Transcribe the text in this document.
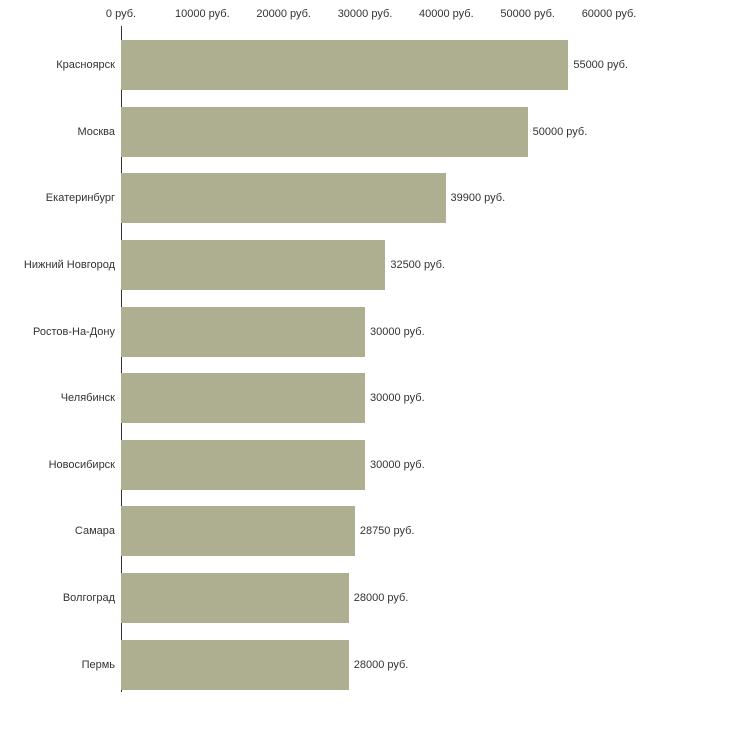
0 руб.	10000 руб. 20000 руб. 30000 руб. 40000 руб. 50000 руб. 60000 руб.
55000 руб.
Красноярск
50000 руб.
Москва
39900 руб.
Екатеринбург
32500 руб.
Нижний Новгород
30000 руб.
Ростов-На-Дону
30000 руб.
Челябинск
30000 руб.
Новосибирск
28750 руб.
Самара
28000 руб.
Волгоград
28000 руб.
Пермь
